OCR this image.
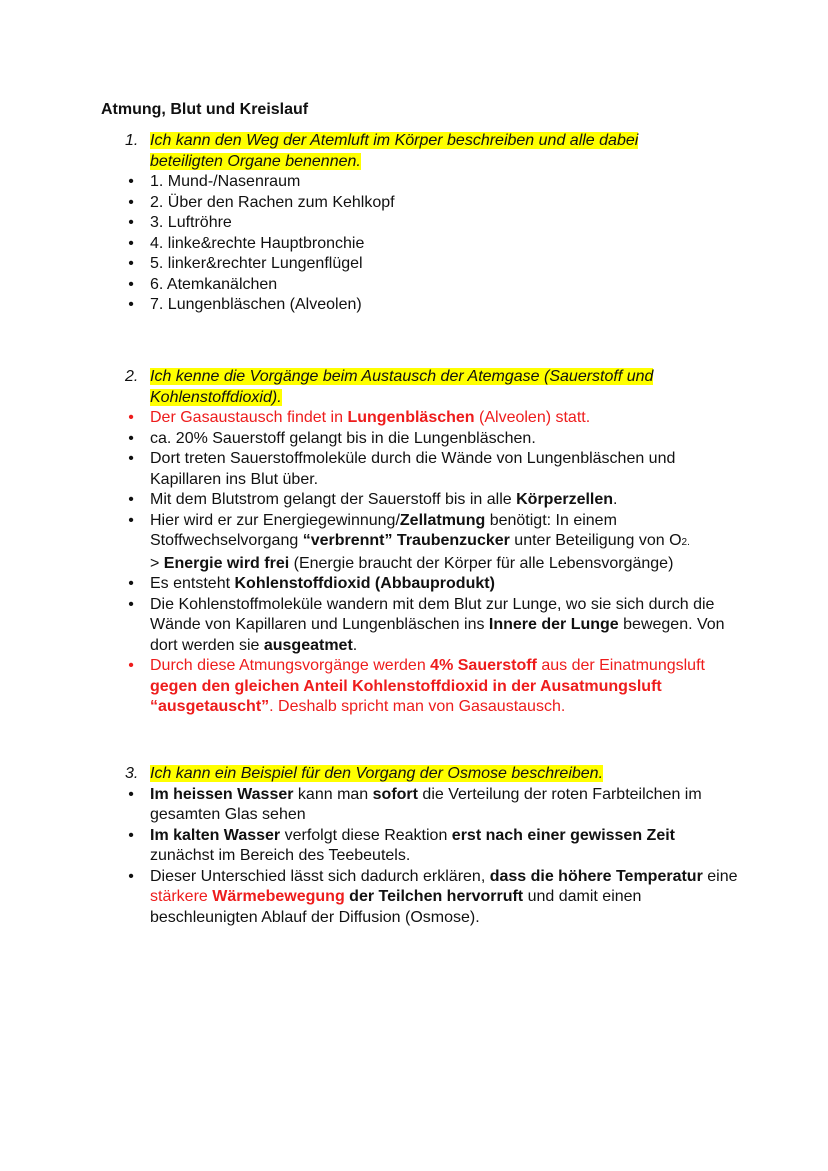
Atmung, Blut und Kreislauf
1. Ich kann den Weg der Atemluft im Körper beschreiben und alle dabei beteiligten Organe benennen.
• 1. Mund-/Nasenraum
• 2. Über den Rachen zum Kehlkopf
• 3. Luftröhre
• 4. linke&rechte Hauptbronchie
• 5. linker&rechter Lungenflügel
• 6. Atemkanälchen
• 7. Lungenbläschen (Alveolen)
2. Ich kenne die Vorgänge beim Austausch der Atemgase (Sauerstoff und Kohlenstoffdioxid).
• Der Gasaustausch findet in Lungenbläschen (Alveolen) statt.
• ca. 20% Sauerstoff gelangt bis in die Lungenbläschen.
• Dort treten Sauerstoffmoleküle durch die Wände von Lungenbläschen und Kapillaren ins Blut über.
• Mit dem Blutstrom gelangt der Sauerstoff bis in alle Körperzellen.
• Hier wird er zur Energiegewinnung/Zellatmung benötigt: In einem Stoffwechselvorgang “verbrennt” Traubenzucker unter Beteiligung von O2.
> Energie wird frei (Energie braucht der Körper für alle Lebensvorgänge)
• Es entsteht Kohlenstoffdioxid (Abbauprodukt)
• Die Kohlenstoffmoleküle wandern mit dem Blut zur Lunge, wo sie sich durch die Wände von Kapillaren und Lungenbläschen ins Innere der Lunge bewegen. Von dort werden sie ausgeatmet.
• Durch diese Atmungsvorgänge werden 4% Sauerstoff aus der Einatmungsluft gegen den gleichen Anteil Kohlenstoffdioxid in der Ausatmungsluft “ausgetauscht”. Deshalb spricht man von Gasaustausch.
3. Ich kann ein Beispiel für den Vorgang der Osmose beschreiben.
• Im heissen Wasser kann man sofort die Verteilung der roten Farbteilchen im gesamten Glas sehen
• Im kalten Wasser verfolgt diese Reaktion erst nach einer gewissen Zeit zunächst im Bereich des Teebeutels.
• Dieser Unterschied lässt sich dadurch erklären, dass die höhere Temperatur eine stärkere Wärmebewegung der Teilchen hervorruft und damit einen beschleunigten Ablauf der Diffusion (Osmose).
